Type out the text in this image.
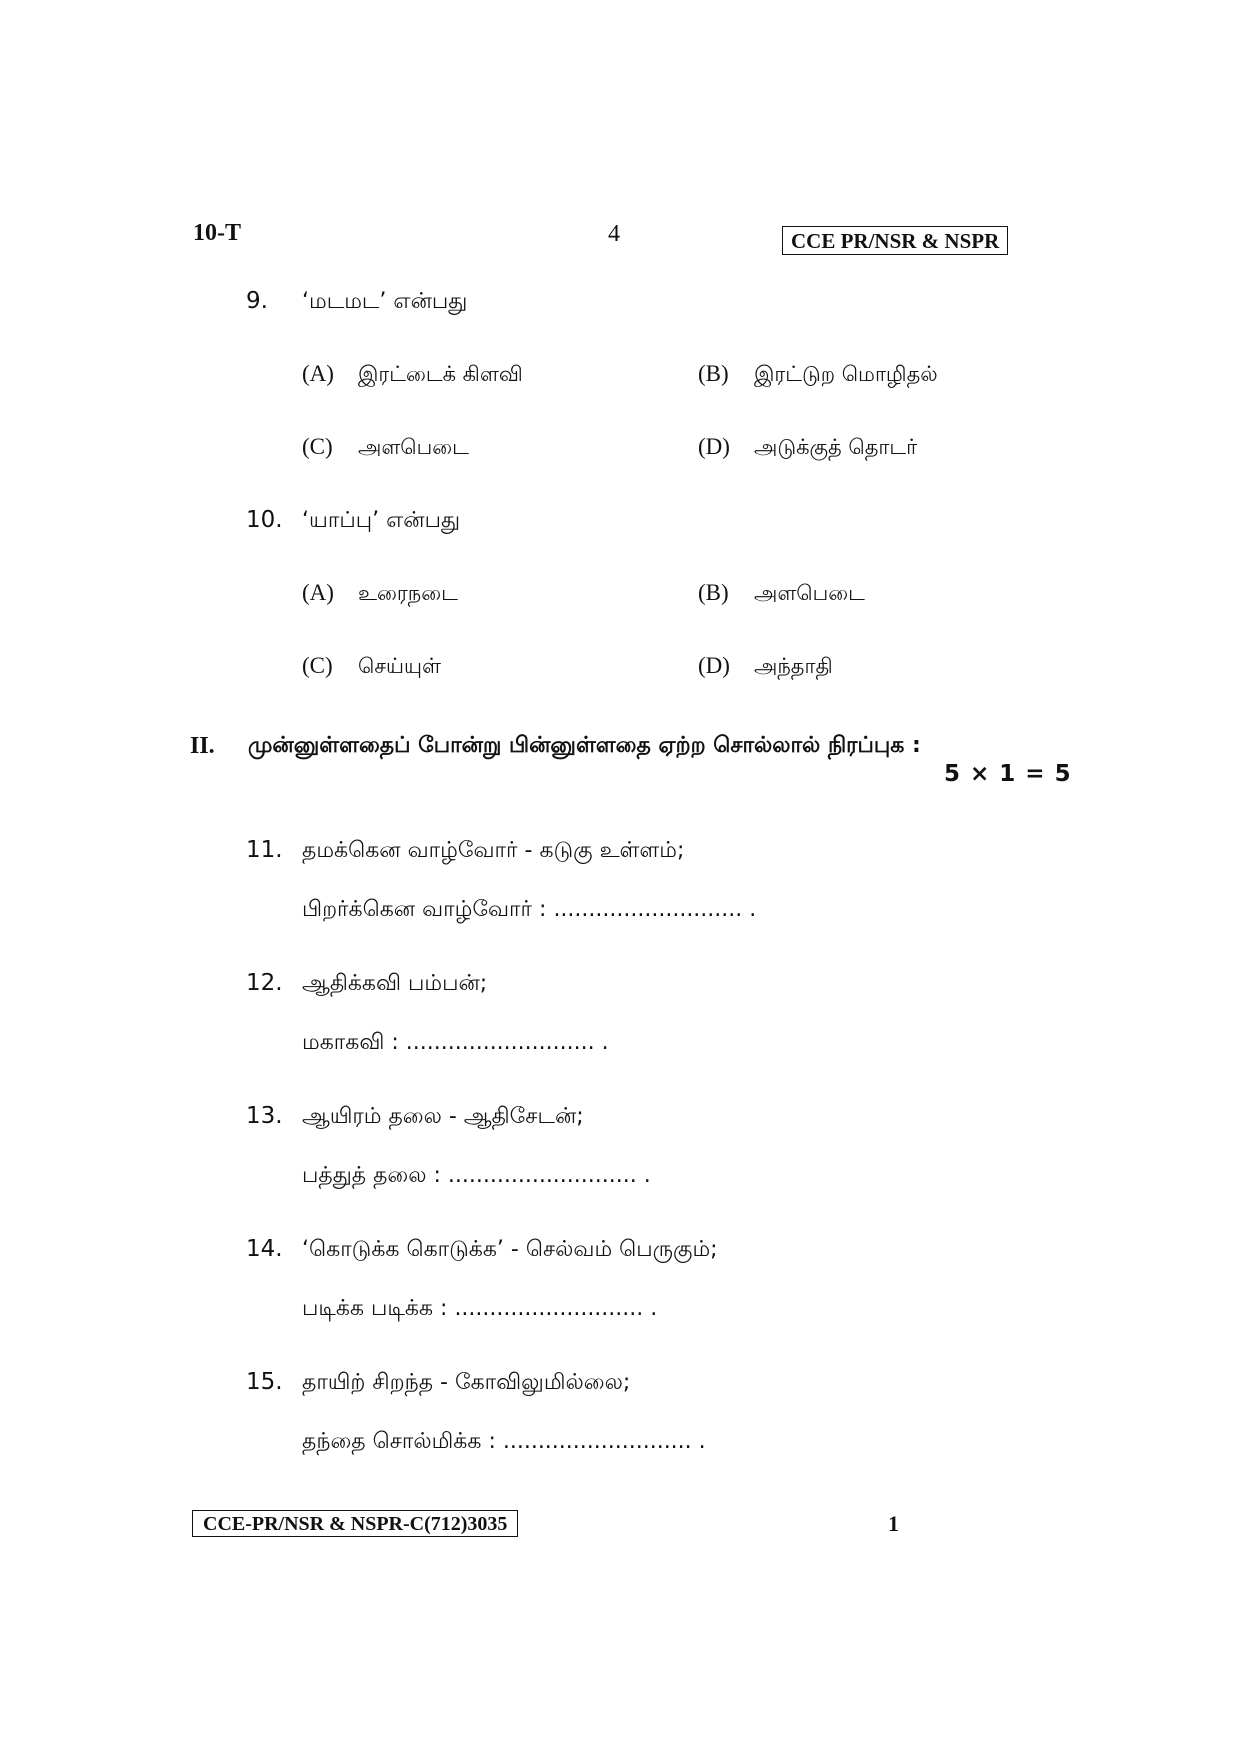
10-T	4	CCE PR/NSR & NSPR
9. ‘மடமட’ என்பது
(A) இரட்டைக் கிளவி	(B) இரட்டுற மொழிதல்
(C) அளபெடை	(D) அடுக்குத் தொடர்
10. ‘யாப்பு’ என்பது
(A) உரைநடை	(B) அளபெடை
(C) செய்யுள்	(D) அந்தாதி
II. முன்னுள்ளதைப் போன்று பின்னுள்ளதை ஏற்ற சொல்லால் நிரப்புக :
5 × 1 = 5
11. தமக்கென வாழ்வோர் - கடுகு உள்ளம்;
பிறர்க்கென வாழ்வோர் : ........................... .
12. ஆதிக்கவி பம்பன்;
மகாகவி : ........................... .
13. ஆயிரம் தலை - ஆதிசேடன்;
பத்துத் தலை : ........................... .
14. ‘கொடுக்க கொடுக்க’ - செல்வம் பெருகும்;
படிக்க படிக்க : ........................... .
15. தாயிற் சிறந்த - கோவிலுமில்லை;
தந்தை சொல்மிக்க : ........................... .
CCE-PR/NSR & NSPR-C(712)3035	1
